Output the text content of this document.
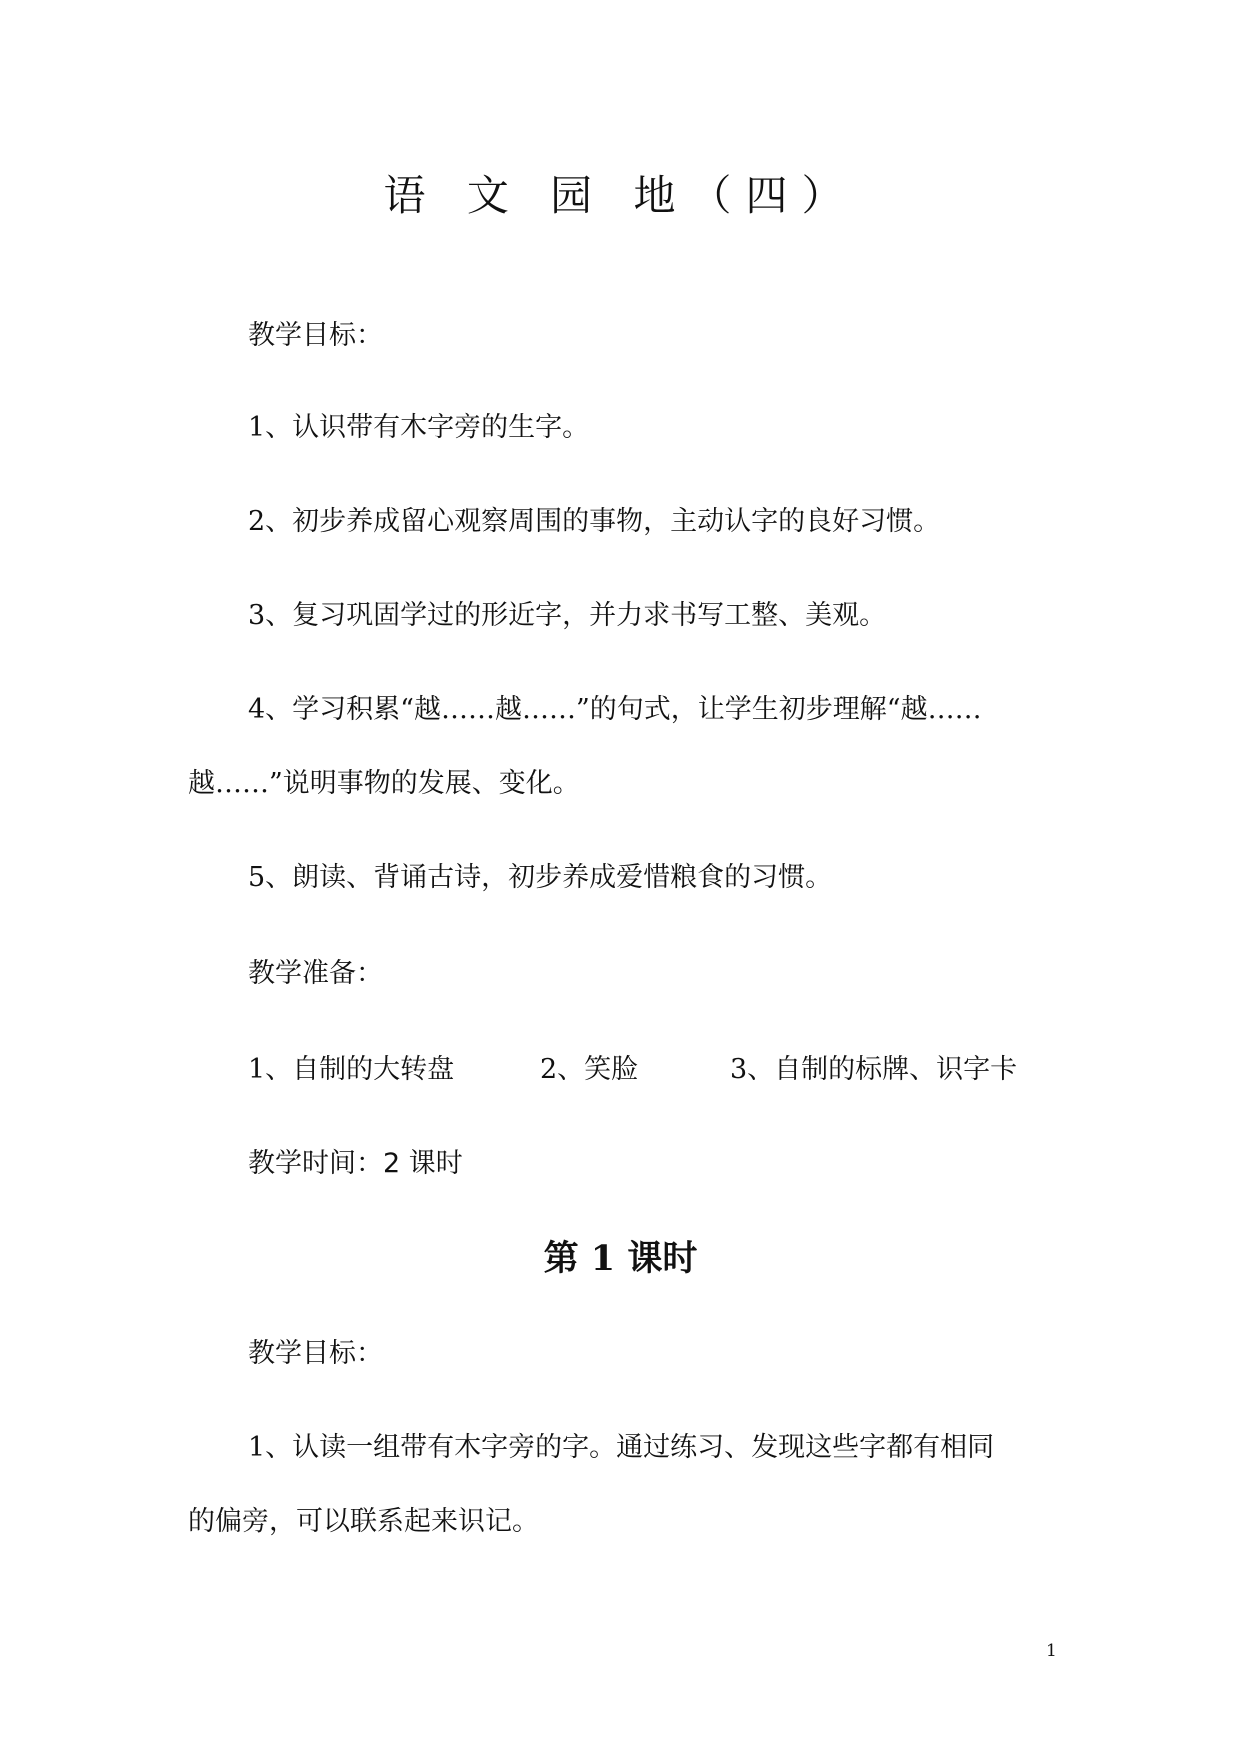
语 文 园 地（四）
教学目标：
1、认识带有木字旁的生字。
2、初步养成留心观察周围的事物，主动认字的良好习惯。
3、复习巩固学过的形近字，并力求书写工整、美观。
4、学习积累“越……越……”的句式，让学生初步理解“越……
越……”说明事物的发展、变化。
5、朗读、背诵古诗，初步养成爱惜粮食的习惯。
教学准备：
1、自制的大转盘	2、笑脸	3、自制的标牌、识字卡
教学时间：2 课时
第 1 课时
教学目标：
1、认读一组带有木字旁的字。通过练习、发现这些字都有相同
的偏旁，可以联系起来识记。
1
